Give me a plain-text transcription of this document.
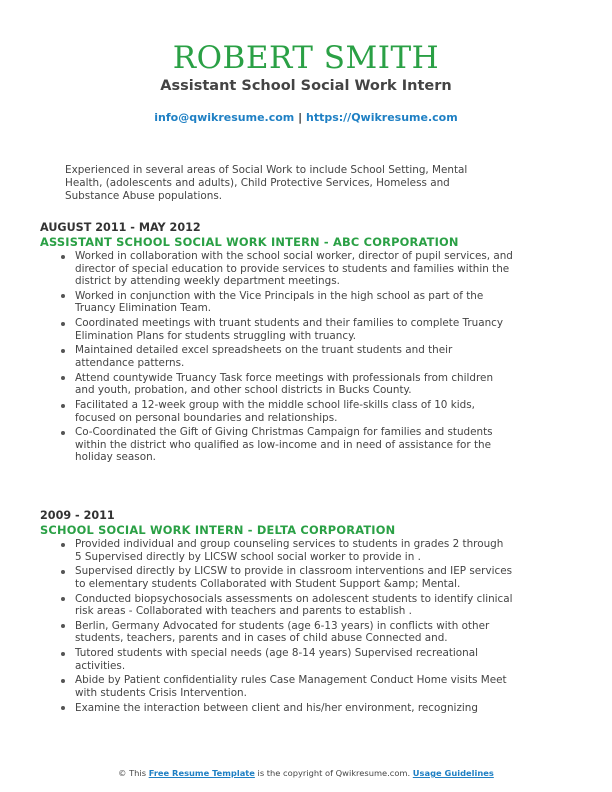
ROBERT SMITH
Assistant School Social Work Intern
info@qwikresume.com | https://Qwikresume.com
Experienced in several areas of Social Work to include School Setting, Mental Health, (adolescents and adults), Child Protective Services, Homeless and Substance Abuse populations.
AUGUST 2011 - MAY 2012
ASSISTANT SCHOOL SOCIAL WORK INTERN - ABC CORPORATION
Worked in collaboration with the school social worker, director of pupil services, and director of special education to provide services to students and families within the district by attending weekly department meetings.
Worked in conjunction with the Vice Principals in the high school as part of the Truancy Elimination Team.
Coordinated meetings with truant students and their families to complete Truancy Elimination Plans for students struggling with truancy.
Maintained detailed excel spreadsheets on the truant students and their attendance patterns.
Attend countywide Truancy Task force meetings with professionals from children and youth, probation, and other school districts in Bucks County.
Facilitated a 12-week group with the middle school life-skills class of 10 kids, focused on personal boundaries and relationships.
Co-Coordinated the Gift of Giving Christmas Campaign for families and students within the district who qualified as low-income and in need of assistance for the holiday season.
2009 - 2011
SCHOOL SOCIAL WORK INTERN - DELTA CORPORATION
Provided individual and group counseling services to students in grades 2 through 5 Supervised directly by LICSW school social worker to provide in .
Supervised directly by LICSW to provide in classroom interventions and IEP services to elementary students Collaborated with Student Support &amp; Mental.
Conducted biopsychosocials assessments on adolescent students to identify clinical risk areas - Collaborated with teachers and parents to establish .
Berlin, Germany Advocated for students (age 6-13 years) in conflicts with other students, teachers, parents and in cases of child abuse Connected and.
Tutored students with special needs (age 8-14 years) Supervised recreational activities.
Abide by Patient confidentiality rules Case Management Conduct Home visits Meet with students Crisis Intervention.
Examine the interaction between client and his/her environment, recognizing
© This Free Resume Template is the copyright of Qwikresume.com. Usage Guidelines
